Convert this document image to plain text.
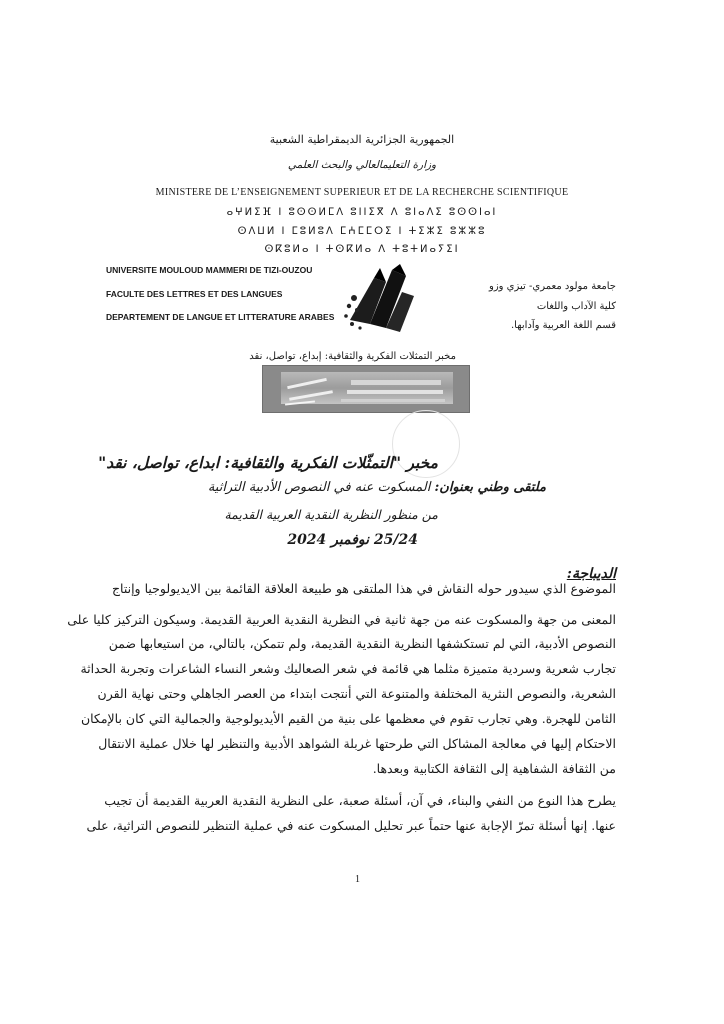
الجمهورية الجزائرية الديمقراطية الشعبية
وزارة التعليمالعالي والبحث العلمي
MINISTERE DE L’ENSEIGNEMENT SUPERIEUR ET DE LA RECHERCHE SCIENTIFIQUE
ⴰⵖⵍⵉⴼ ⵏ ⵓⵙⵙⵍⵎⴷ ⵓⵏⵏⵉⴳ ⴷ ⵓⵏⴰⴷⵉ ⵓⵙⵙⵏⴰⵏ
ⵙⴷⵡⵍ ⵏ ⵎⵓⵍⵓⴷ ⵎⵄⵎⵎⵔⵉ ⵏ ⵜⵉⵣⵉ ⵓⵣⵣⵓ
ⵙⴽⵓⵍⴰ ⵏ ⵜⵙⴽⵍⴰ ⴷ ⵜⵓⵜⵍⴰⵢⵉⵏ
UNIVERSITE MOULOUD MAMMERI DE TIZI-OUZOU
FACULTE DES LETTRES ET DES LANGUES
DEPARTEMENT DE LANGUE ET LITTERATURE ARABES
جامعة مولود معمري- تيزي وزو
كلية الآداب واللغات
قسم اللغة العربية وآدابها.
مخبر التمثلات الفكرية والثقافية: إبداع، تواصل، نقد
مخبر "التمثّلات الفكرية والثقافية: ابداع، تواصل، نقد"
ملتقى وطني بعنوان: المسكوت عنه في النصوص الأدبية التراثية
من منظور النظرية النقدية العربية القديمة
25/24 نوفمبر 2024
الديباجة:
الموضوع الذي سيدور حوله النقاش في هذا الملتقى هو طبيعة العلاقة القائمة بين الايديولوجيا وإنتاج
المعنى من جهة والمسكوت عنه من جهة ثانية في النظرية النقدية العربية القديمة. وسيكون التركيز كليا على
النصوص الأدبية، التي لم تستكشفها النظرية النقدية القديمة، ولم تتمكن، بالتالي، من استيعابها ضمن
تجارب شعرية وسردية متميزة مثلما هي قائمة في شعر الصعاليك وشعر النساء الشاعرات وتجربة الحداثة
الشعرية، والنصوص النثرية المختلفة والمتنوعة التي أنتجت ابتداء من العصر الجاهلي وحتى نهاية القرن
الثامن للهجرة. وهي تجارب تقوم في معظمها على بنية من القيم الأيديولوجية والجمالية التي كان بالإمكان
الاحتكام إليها في معالجة المشاكل التي طرحتها غربلة الشواهد الأدبية والتنظير لها خلال عملية الانتقال
من الثقافة الشفاهية إلى الثقافة الكتابية وبعدها.
يطرح هذا النوع من النفي والبناء، في آن، أسئلة صعبة، على النظرية النقدية العربية القديمة أن تجيب
عنها. إنها أسئلة تمرّ الإجابة عنها حتماً عبر تحليل المسكوت عنه في عملية التنظير للنصوص التراثية، على
1
